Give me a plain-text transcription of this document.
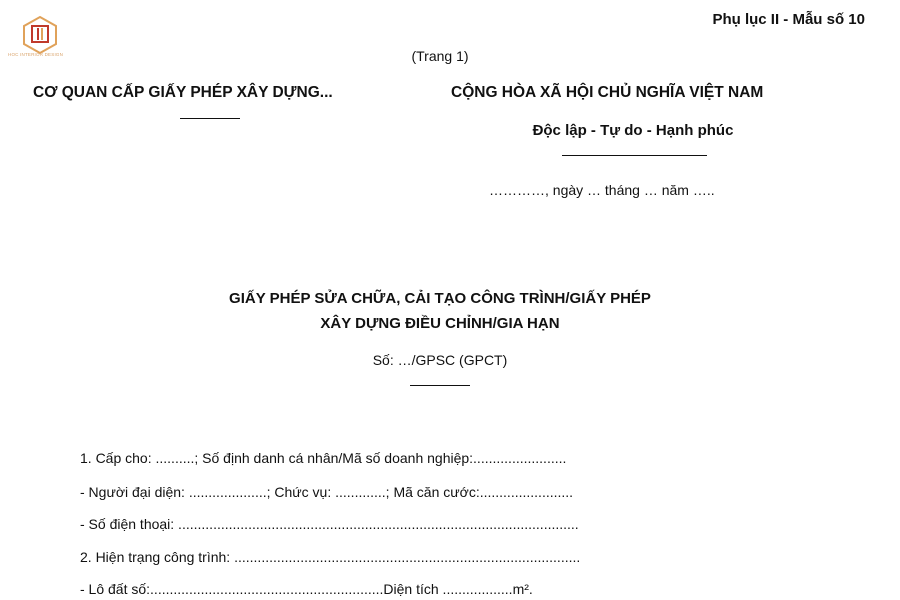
HOC INTERIOR DESIGN
Phụ lục II - Mẫu số 10
(Trang 1)
CƠ QUAN CẤP GIẤY PHÉP XÂY DỰNG...	CỘNG HÒA XÃ HỘI CHỦ NGHĨA VIỆT NAM
Độc lập - Tự do - Hạnh phúc
…………, ngày … tháng … năm …..
GIẤY PHÉP SỬA CHỮA, CẢI TẠO CÔNG TRÌNH/GIẤY PHÉP
XÂY DỰNG ĐIỀU CHỈNH/GIA HẠN
Số: …/GPSC (GPCT)
1. Cấp cho: ..........; Số định danh cá nhân/Mã số doanh nghiệp:........................
- Người đại diện: ....................; Chức vụ: .............; Mã căn cước:........................
- Số điện thoại: .......................................................................................................
2. Hiện trạng công trình: .........................................................................................
- Lô đất số:............................................................Diện tích ..................m².
